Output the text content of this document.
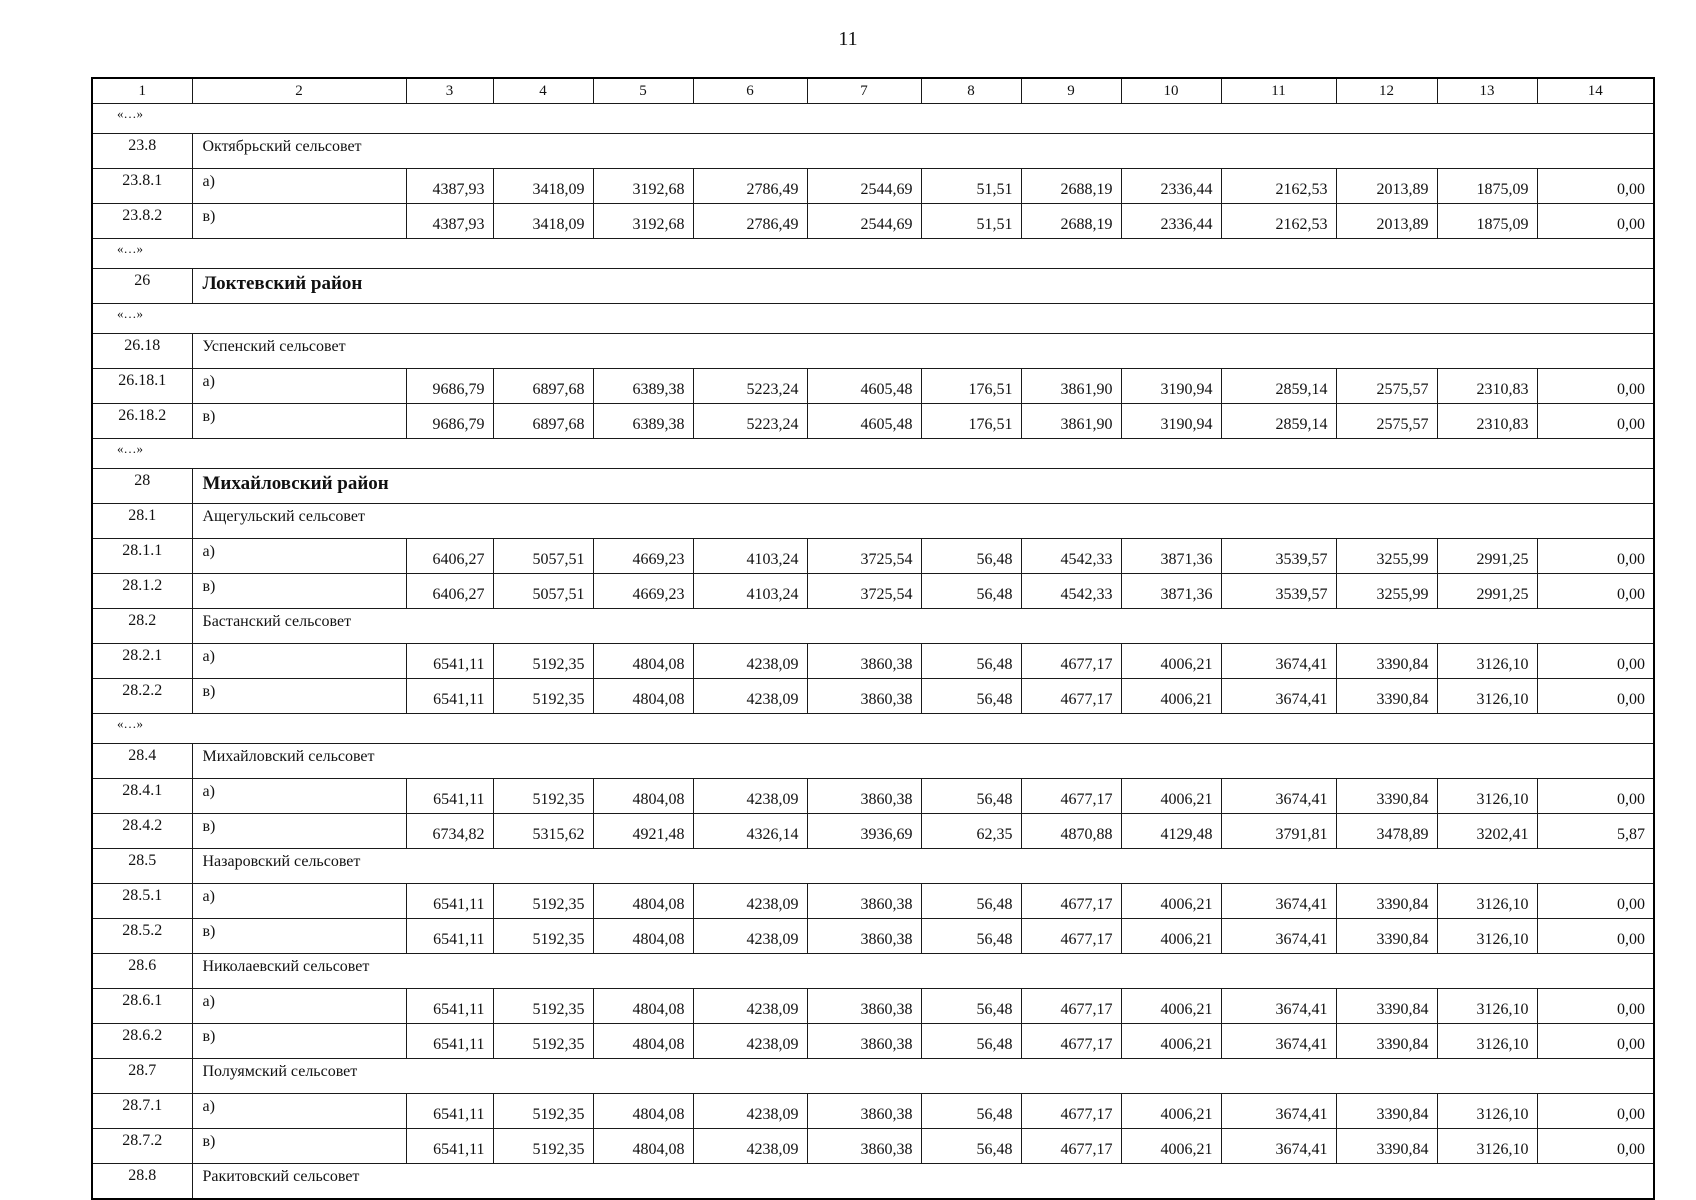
11
1	2	3	4	5	6	7	8	9	10	11	12	13	14
«…»													
23.8	Октябрьский сельсовет												
23.8.1	а)	4387,93	3418,09	3192,68	2786,49	2544,69	51,51	2688,19	2336,44	2162,53	2013,89	1875,09	0,00
23.8.2	в)	4387,93	3418,09	3192,68	2786,49	2544,69	51,51	2688,19	2336,44	2162,53	2013,89	1875,09	0,00
«…»													
26	Локтевский район												
«…»													
26.18	Успенский сельсовет												
26.18.1	а)	9686,79	6897,68	6389,38	5223,24	4605,48	176,51	3861,90	3190,94	2859,14	2575,57	2310,83	0,00
26.18.2	в)	9686,79	6897,68	6389,38	5223,24	4605,48	176,51	3861,90	3190,94	2859,14	2575,57	2310,83	0,00
«…»													
28	Михайловский район												
28.1	Ащегульский сельсовет												
28.1.1	а)	6406,27	5057,51	4669,23	4103,24	3725,54	56,48	4542,33	3871,36	3539,57	3255,99	2991,25	0,00
28.1.2	в)	6406,27	5057,51	4669,23	4103,24	3725,54	56,48	4542,33	3871,36	3539,57	3255,99	2991,25	0,00
28.2	Бастанский сельсовет												
28.2.1	а)	6541,11	5192,35	4804,08	4238,09	3860,38	56,48	4677,17	4006,21	3674,41	3390,84	3126,10	0,00
28.2.2	в)	6541,11	5192,35	4804,08	4238,09	3860,38	56,48	4677,17	4006,21	3674,41	3390,84	3126,10	0,00
«…»													
28.4	Михайловский сельсовет												
28.4.1	а)	6541,11	5192,35	4804,08	4238,09	3860,38	56,48	4677,17	4006,21	3674,41	3390,84	3126,10	0,00
28.4.2	в)	6734,82	5315,62	4921,48	4326,14	3936,69	62,35	4870,88	4129,48	3791,81	3478,89	3202,41	5,87
28.5	Назаровский сельсовет												
28.5.1	а)	6541,11	5192,35	4804,08	4238,09	3860,38	56,48	4677,17	4006,21	3674,41	3390,84	3126,10	0,00
28.5.2	в)	6541,11	5192,35	4804,08	4238,09	3860,38	56,48	4677,17	4006,21	3674,41	3390,84	3126,10	0,00
28.6	Николаевский сельсовет												
28.6.1	а)	6541,11	5192,35	4804,08	4238,09	3860,38	56,48	4677,17	4006,21	3674,41	3390,84	3126,10	0,00
28.6.2	в)	6541,11	5192,35	4804,08	4238,09	3860,38	56,48	4677,17	4006,21	3674,41	3390,84	3126,10	0,00
28.7	Полуямский сельсовет												
28.7.1	а)	6541,11	5192,35	4804,08	4238,09	3860,38	56,48	4677,17	4006,21	3674,41	3390,84	3126,10	0,00
28.7.2	в)	6541,11	5192,35	4804,08	4238,09	3860,38	56,48	4677,17	4006,21	3674,41	3390,84	3126,10	0,00
28.8	Ракитовский сельсовет												
